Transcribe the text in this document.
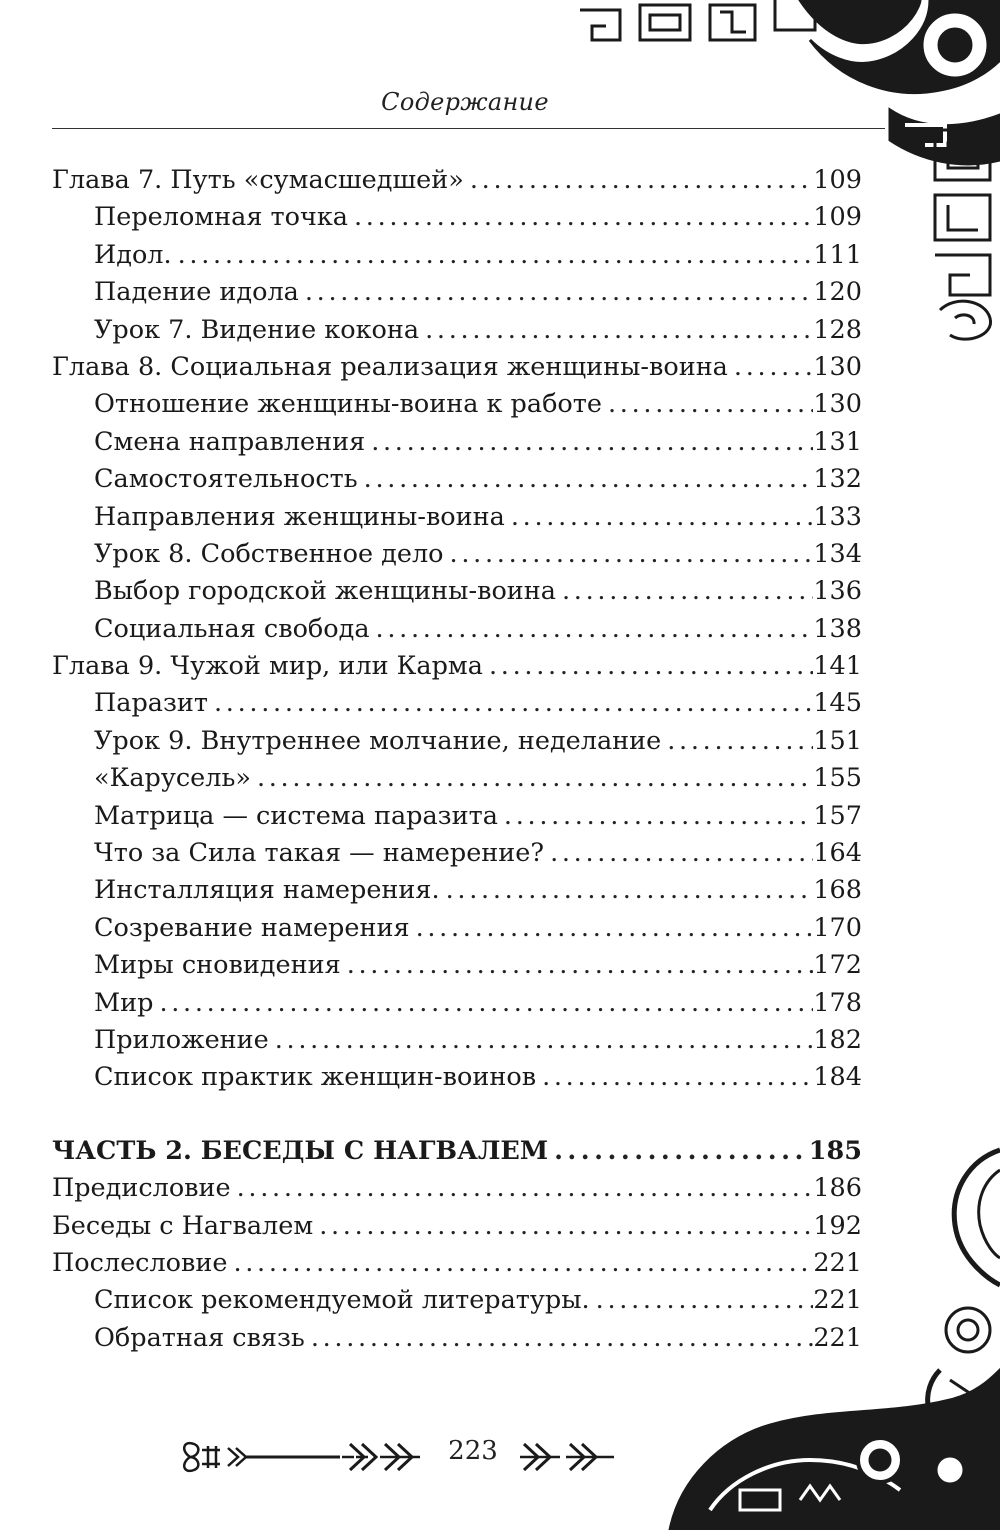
Содержание
Глава 7. Путь «сумасшедшей» . . .	109
Переломная точка . . .	109
Идол. . . .	111
Падение идола . . .	120
Урок 7. Видение кокона . . .	128
Глава 8. Социальная реализация женщины-воина . . .	130
Отношение женщины-воина к работе . . .	130
Смена направления . . .	131
Самостоятельность . . .	132
Направления женщины-воина . . .	133
Урок 8. Собственное дело . . .	134
Выбор городской женщины-воина . . .	136
Социальная свобода . . .	138
Глава 9. Чужой мир, или Карма . . .	141
Паразит . . .	145
Урок 9. Внутреннее молчание, неделание . . .	151
«Карусель» . . .	155
Матрица — система паразита . . .	157
Что за Сила такая — намерение? . . .	164
Инсталляция намерения. . . .	168
Созревание намерения . . .	170
Миры сновидения . . .	172
Мир . . .	178
Приложение . . .	182
Список практик женщин-воинов . . .	184
ЧАСТЬ 2. БЕСЕДЫ С НАГВАЛЕМ . . .	185
Предисловие . . .	186
Беседы с Нагвалем . . .	192
Послесловие . . .	221
Список рекомендуемой литературы. . . .	221
Обратная связь . . .	221
223
